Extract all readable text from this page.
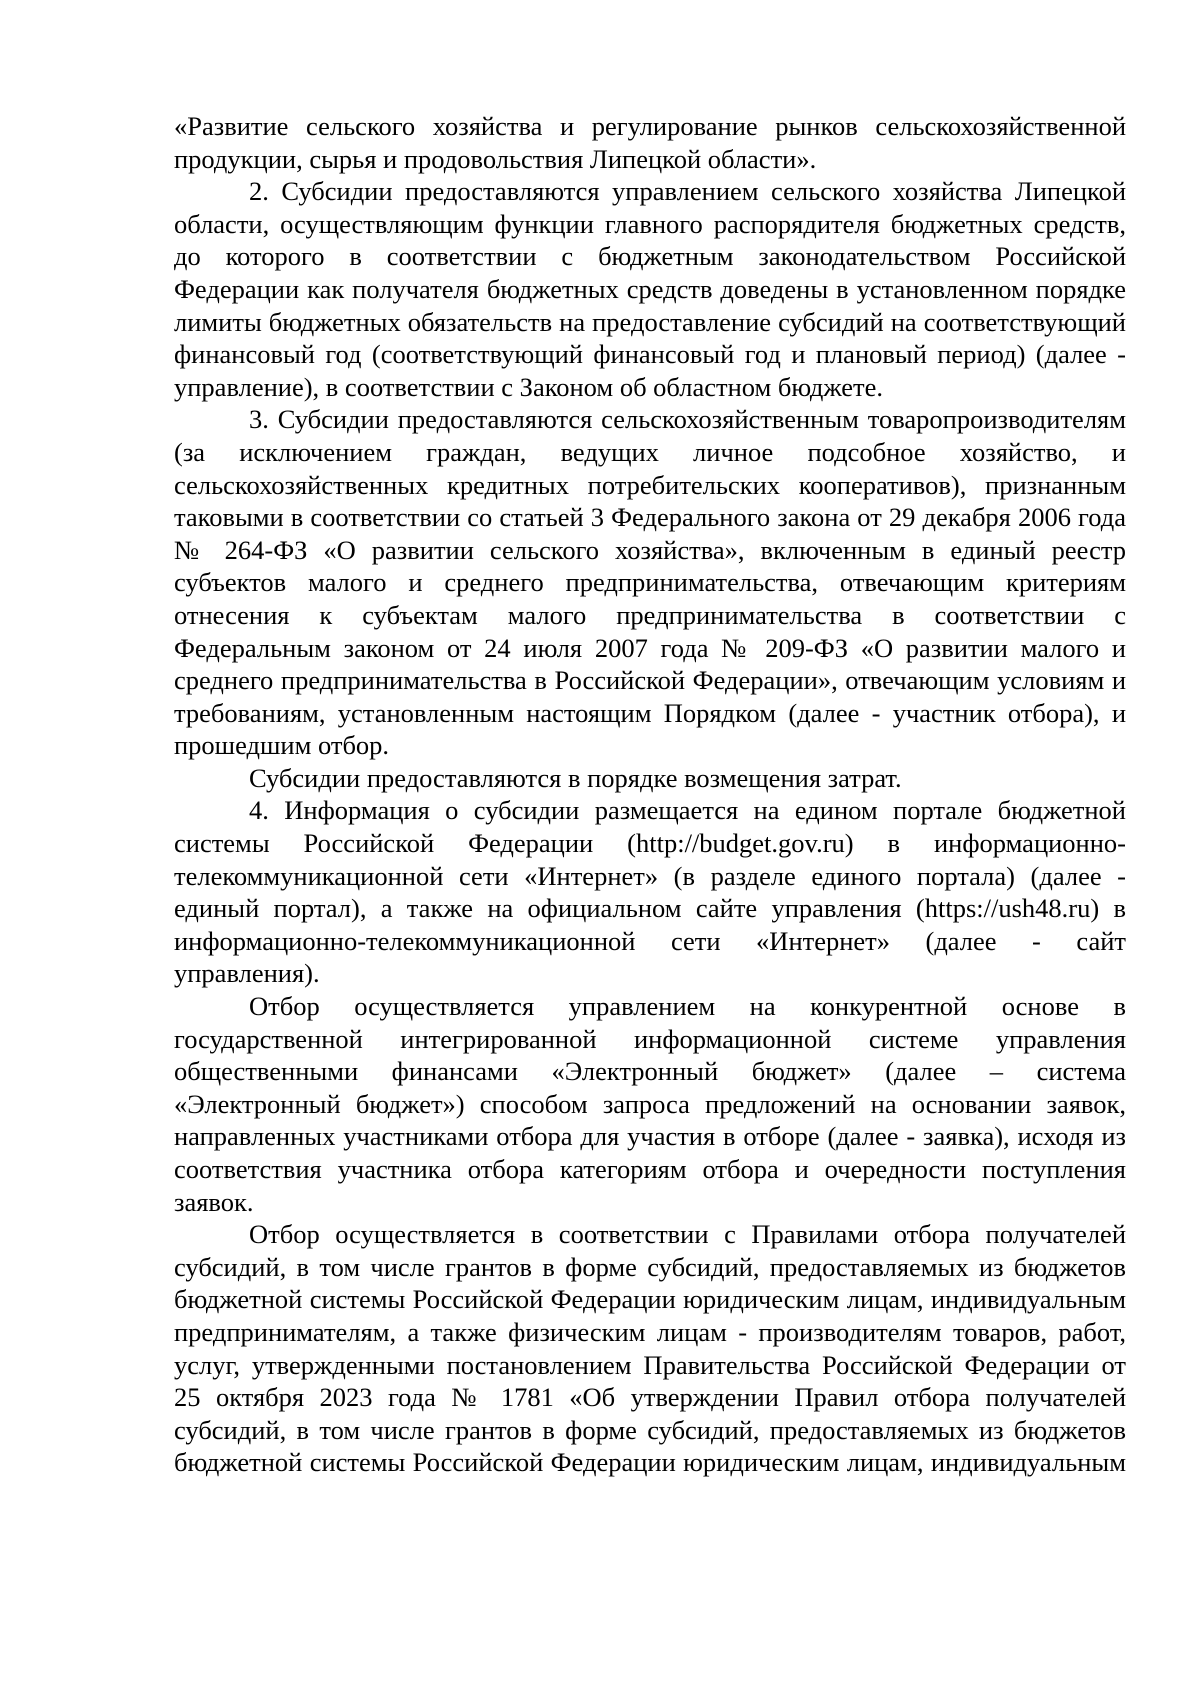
«Развитие сельского хозяйства и регулирование рынков сельскохозяйственной продукции, сырья и продовольствия Липецкой области».

2. Субсидии предоставляются управлением сельского хозяйства Липецкой области, осуществляющим функции главного распорядителя бюджетных средств, до которого в соответствии с бюджетным законодательством Российской Федерации как получателя бюджетных средств доведены в установленном порядке лимиты бюджетных обязательств на предоставление субсидий на соответствующий финансовый год (соответствующий финансовый год и плановый период) (далее - управление), в соответствии с Законом об областном бюджете.

3. Субсидии предоставляются сельскохозяйственным товаропроизводителям (за исключением граждан, ведущих личное подсобное хозяйство, и сельскохозяйственных кредитных потребительских кооперативов), признанным таковыми в соответствии со статьей 3 Федерального закона от 29 декабря 2006 года № 264-ФЗ «О развитии сельского хозяйства», включенным в единый реестр субъектов малого и среднего предпринимательства, отвечающим критериям отнесения к субъектам малого предпринимательства в соответствии с Федеральным законом от 24 июля 2007 года № 209-ФЗ «О развитии малого и среднего предпринимательства в Российской Федерации», отвечающим условиям и требованиям, установленным настоящим Порядком (далее - участник отбора), и прошедшим отбор.

Субсидии предоставляются в порядке возмещения затрат.

4. Информация о субсидии размещается на едином портале бюджетной системы Российской Федерации (http://budget.gov.ru) в информационно-телекоммуникационной сети «Интернет» (в разделе единого портала) (далее - единый портал), а также на официальном сайте управления (https://ush48.ru) в информационно-телекоммуникационной сети «Интернет» (далее - сайт управления).

Отбор осуществляется управлением на конкурентной основе в государственной интегрированной информационной системе управления общественными финансами «Электронный бюджет» (далее – система «Электронный бюджет») способом запроса предложений на основании заявок, направленных участниками отбора для участия в отборе (далее - заявка), исходя из соответствия участника отбора категориям отбора и очередности поступления заявок.

Отбор осуществляется в соответствии с Правилами отбора получателей субсидий, в том числе грантов в форме субсидий, предоставляемых из бюджетов бюджетной системы Российской Федерации юридическим лицам, индивидуальным предпринимателям, а также физическим лицам - производителям товаров, работ, услуг, утвержденными постановлением Правительства Российской Федерации от 25 октября 2023 года № 1781 «Об утверждении Правил отбора получателей субсидий, в том числе грантов в форме субсидий, предоставляемых из бюджетов бюджетной системы Российской Федерации юридическим лицам, индивидуальным
